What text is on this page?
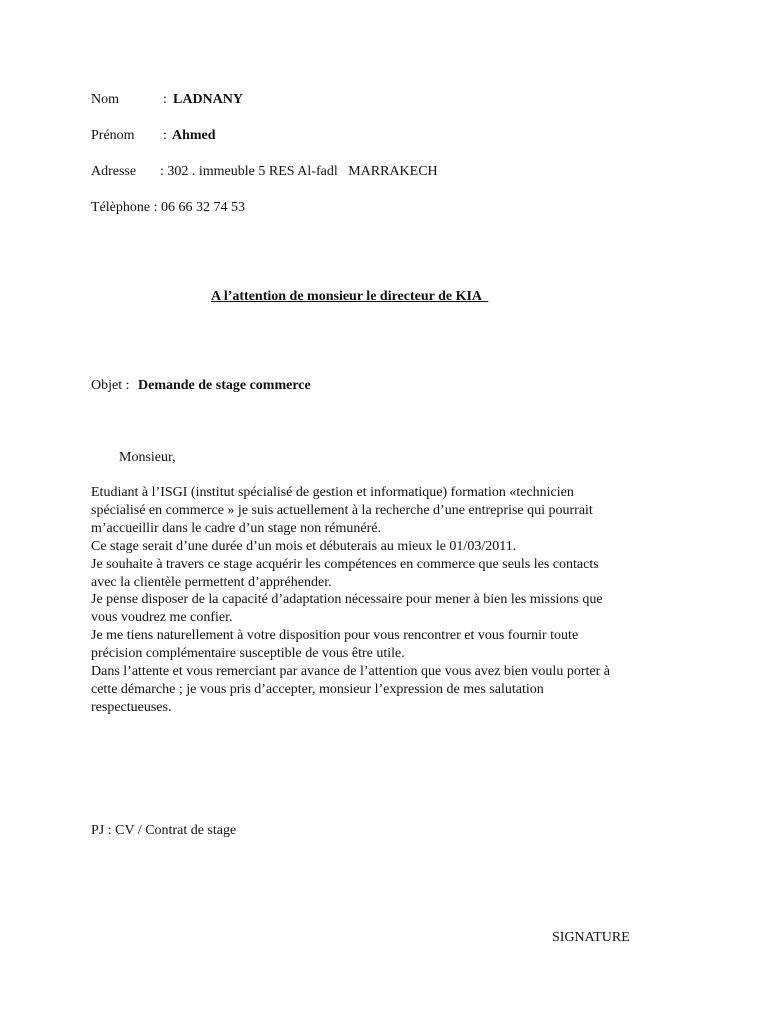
Nom	: LADNANY
Prénom : Ahmed
Adresse : 302 . immeuble 5 RES Al-fadl   MARRAKECH
Télèphone : 06 66 32 74 53
A l’attention de monsieur le directeur de KIA
Objet : Demande de stage commerce
Monsieur,
Etudiant à l’ISGI (institut spécialisé de gestion et informatique) formation «technicien
spécialisé en commerce » je suis actuellement à la recherche d’une entreprise qui pourrait
m’accueillir dans le cadre d’un stage non rémunéré.
Ce stage serait d’une durée d’un mois et débuterais au mieux le 01/03/2011.
Je souhaite à travers ce stage acquérir les compétences en commerce que seuls les contacts
avec la clientèle permettent d’appréhender.
Je pense disposer de la capacité d’adaptation nécessaire pour mener à bien les missions que
vous voudrez me confier.
Je me tiens naturellement à votre disposition pour vous rencontrer et vous fournir toute
précision complémentaire susceptible de vous être utile.
Dans l’attente et vous remerciant par avance de l’attention que vous avez bien voulu porter à
cette démarche ; je vous pris d’accepter, monsieur l’expression de mes salutation
respectueuses.
PJ : CV / Contrat de stage
SIGNATURE
